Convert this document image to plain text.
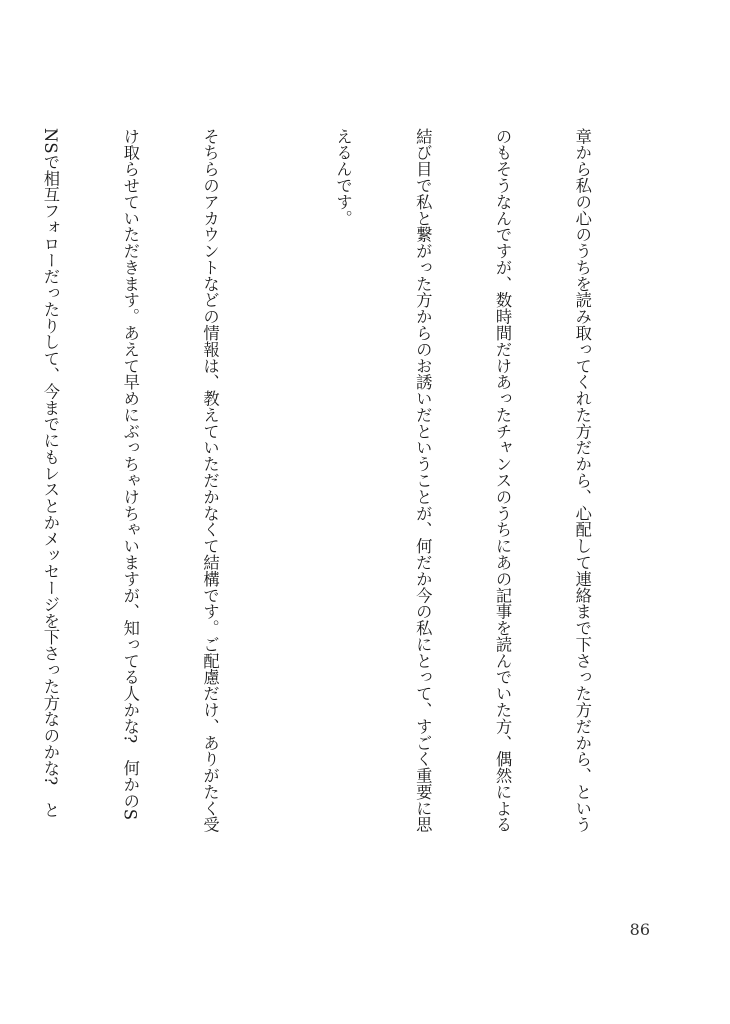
章から私の心のうちを読み取ってくれた方だから、心配して連絡まで下さった方だから、という

のもそうなんですが、数時間だけあったチャンスのうちにあの記事を読んでいた方、偶然による

結び目で私と繋がった方からのお誘いだということが、何だか今の私にとって、すごく重要に思

えるんです。

そちらのアカウントなどの情報は、教えていただかなくて結構です。ご配慮だけ、ありがたく受

け取らせていただきます。あえて早めにぶっちゃけちゃいますが、知ってる人かな?　何かのS

NSで相互フォローだったりして、今までにもレスとかメッセージを下さった方なのかな?　と

86
